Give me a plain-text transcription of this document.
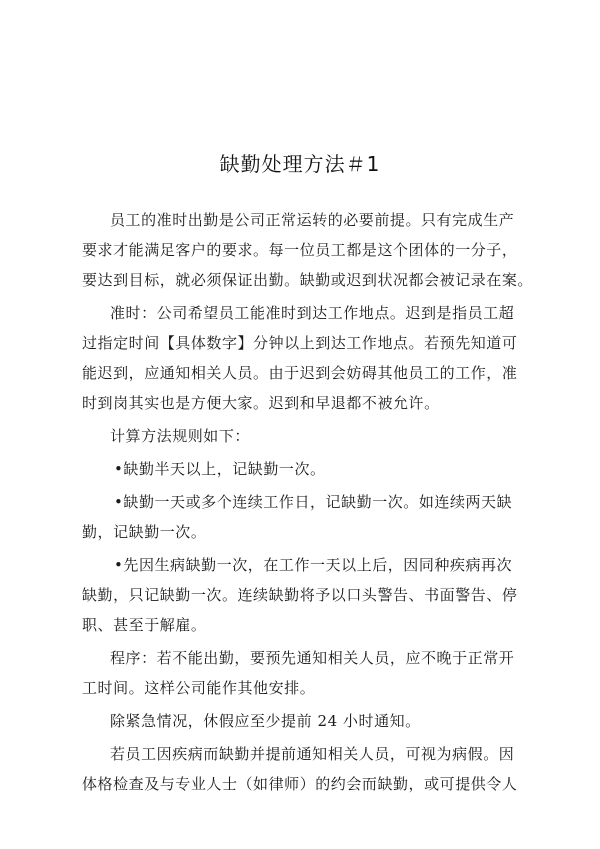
缺勤处理方法＃1
员工的准时出勤是公司正常运转的必要前提。只有完成生产
要求才能满足客户的要求。每一位员工都是这个团体的一分子，
要达到目标，就必须保证出勤。缺勤或迟到状况都会被记录在案。
准时：公司希望员工能准时到达工作地点。迟到是指员工超
过指定时间【具体数字】分钟以上到达工作地点。若预先知道可
能迟到，应通知相关人员。由于迟到会妨碍其他员工的工作，准
时到岗其实也是方便大家。迟到和早退都不被允许。
计算方法规则如下：
•缺勤半天以上，记缺勤一次。
•缺勤一天或多个连续工作日，记缺勤一次。如连续两天缺
勤，记缺勤一次。
•先因生病缺勤一次，在工作一天以上后，因同种疾病再次
缺勤，只记缺勤一次。连续缺勤将予以口头警告、书面警告、停
职、甚至于解雇。
程序：若不能出勤，要预先通知相关人员，应不晚于正常开
工时间。这样公司能作其他安排。
除紧急情况，休假应至少提前 24 小时通知。
若员工因疾病而缺勤并提前通知相关人员，可视为病假。因
体格检查及与专业人士（如律师）的约会而缺勤，或可提供令人
